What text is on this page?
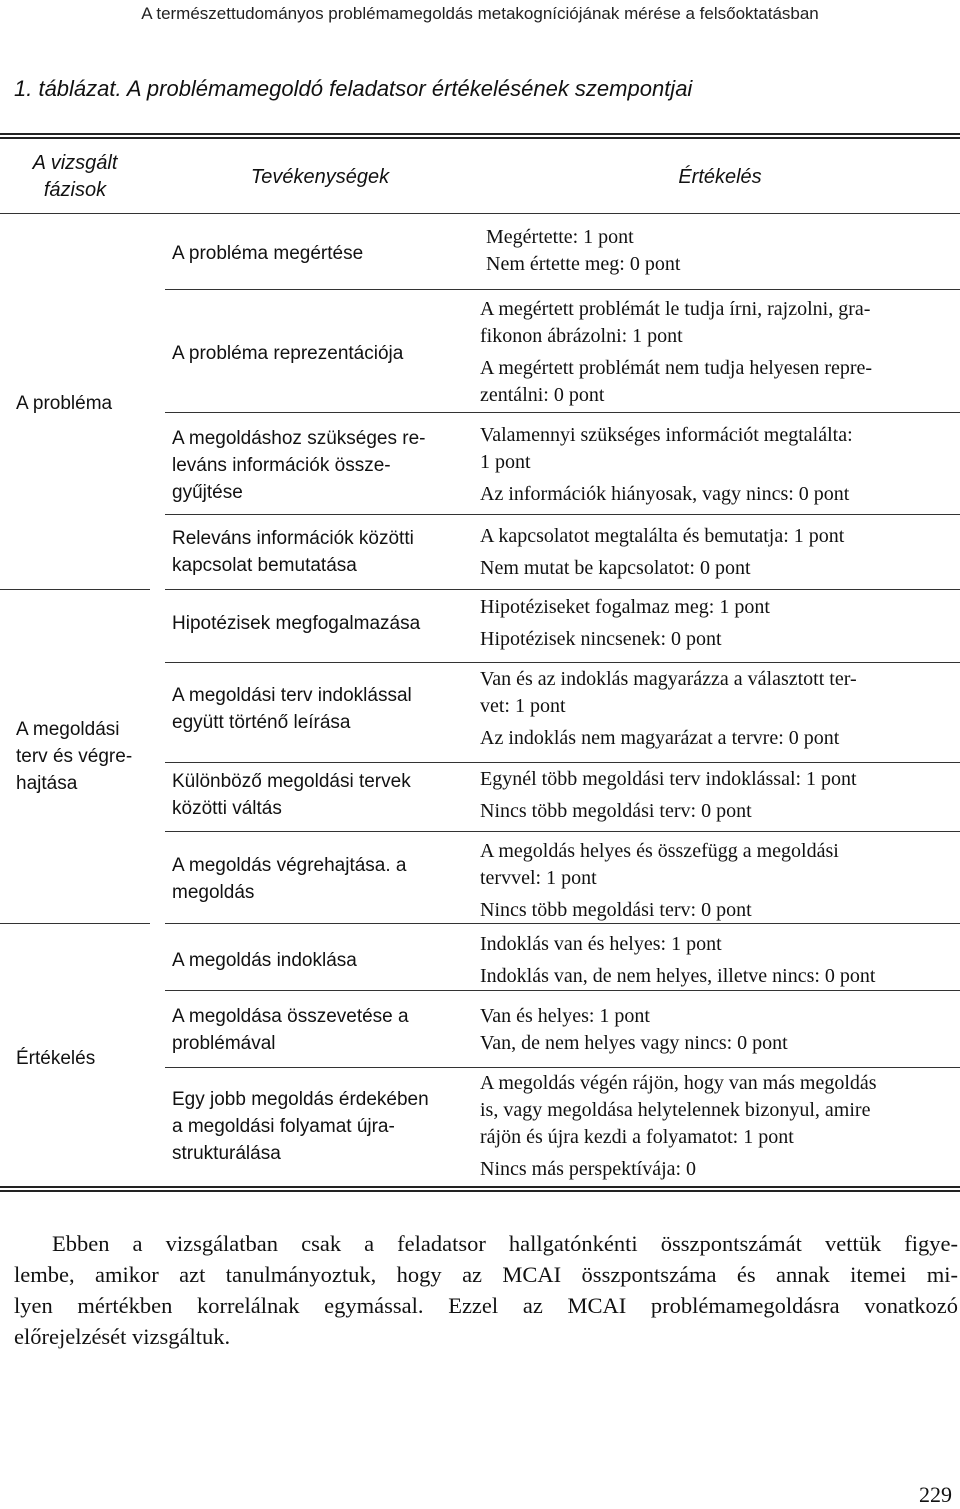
A természettudományos problémamegoldás metakogníciójának mérése a felsőoktatásban
1. táblázat. A problémamegoldó feladatsor értékelésének szempontjai
A vizsgált
fázisok
Tevékenységek	Értékelés
A probléma
A megoldási
terv és végre-
hajtása
Értékelés
A probléma megértése
A probléma reprezentációja
A megoldáshoz szükséges re-
leváns információk össze-
gyűjtése
Releváns információk közötti
kapcsolat bemutatása
Hipotézisek megfogalmazása
A megoldási terv indoklással
együtt történő leírása
Különböző megoldási tervek
közötti váltás
A megoldás végrehajtása. a
megoldás
A megoldás indoklása
A megoldása összevetése a
problémával
Egy jobb megoldás érdekében
a megoldási folyamat újra-
strukturálása
Megértette: 1 pont
Nem értette meg: 0 pont
A megértett problémát le tudja írni, rajzolni, gra-
fikonon ábrázolni: 1 pont
A megértett problémát nem tudja helyesen repre-
zentálni: 0 pont
Valamennyi szükséges információt megtalálta:
1 pont
Az információk hiányosak, vagy nincs: 0 pont
A kapcsolatot megtalálta és bemutatja: 1 pont
Nem mutat be kapcsolatot: 0 pont
Hipotéziseket fogalmaz meg: 1 pont
Hipotézisek nincsenek: 0 pont
Van és az indoklás magyarázza a választott ter-
vet: 1 pont
Az indoklás nem magyarázat a tervre: 0 pont
Egynél több megoldási terv indoklással: 1 pont
Nincs több megoldási terv: 0 pont
A megoldás helyes és összefügg a megoldási
tervvel: 1 pont
Nincs több megoldási terv: 0 pont
Indoklás van és helyes: 1 pont
Indoklás van, de nem helyes, illetve nincs: 0 pont
Van és helyes: 1 pont
Van, de nem helyes vagy nincs: 0 pont
A megoldás végén rájön, hogy van más megoldás
is, vagy megoldása helytelennek bizonyul, amire
rájön és újra kezdi a folyamatot: 1 pont
Nincs más perspektívája: 0
Ebben a vizsgálatban csak a feladatsor hallgatónkénti összpontszámát vettük figye-
lembe, amikor azt tanulmányoztuk, hogy az MCAI összpontszáma és annak itemei mi-
lyen mértékben korrelálnak egymással. Ezzel az MCAI problémamegoldásra vonatkozó
előrejelzését vizsgáltuk.
229
